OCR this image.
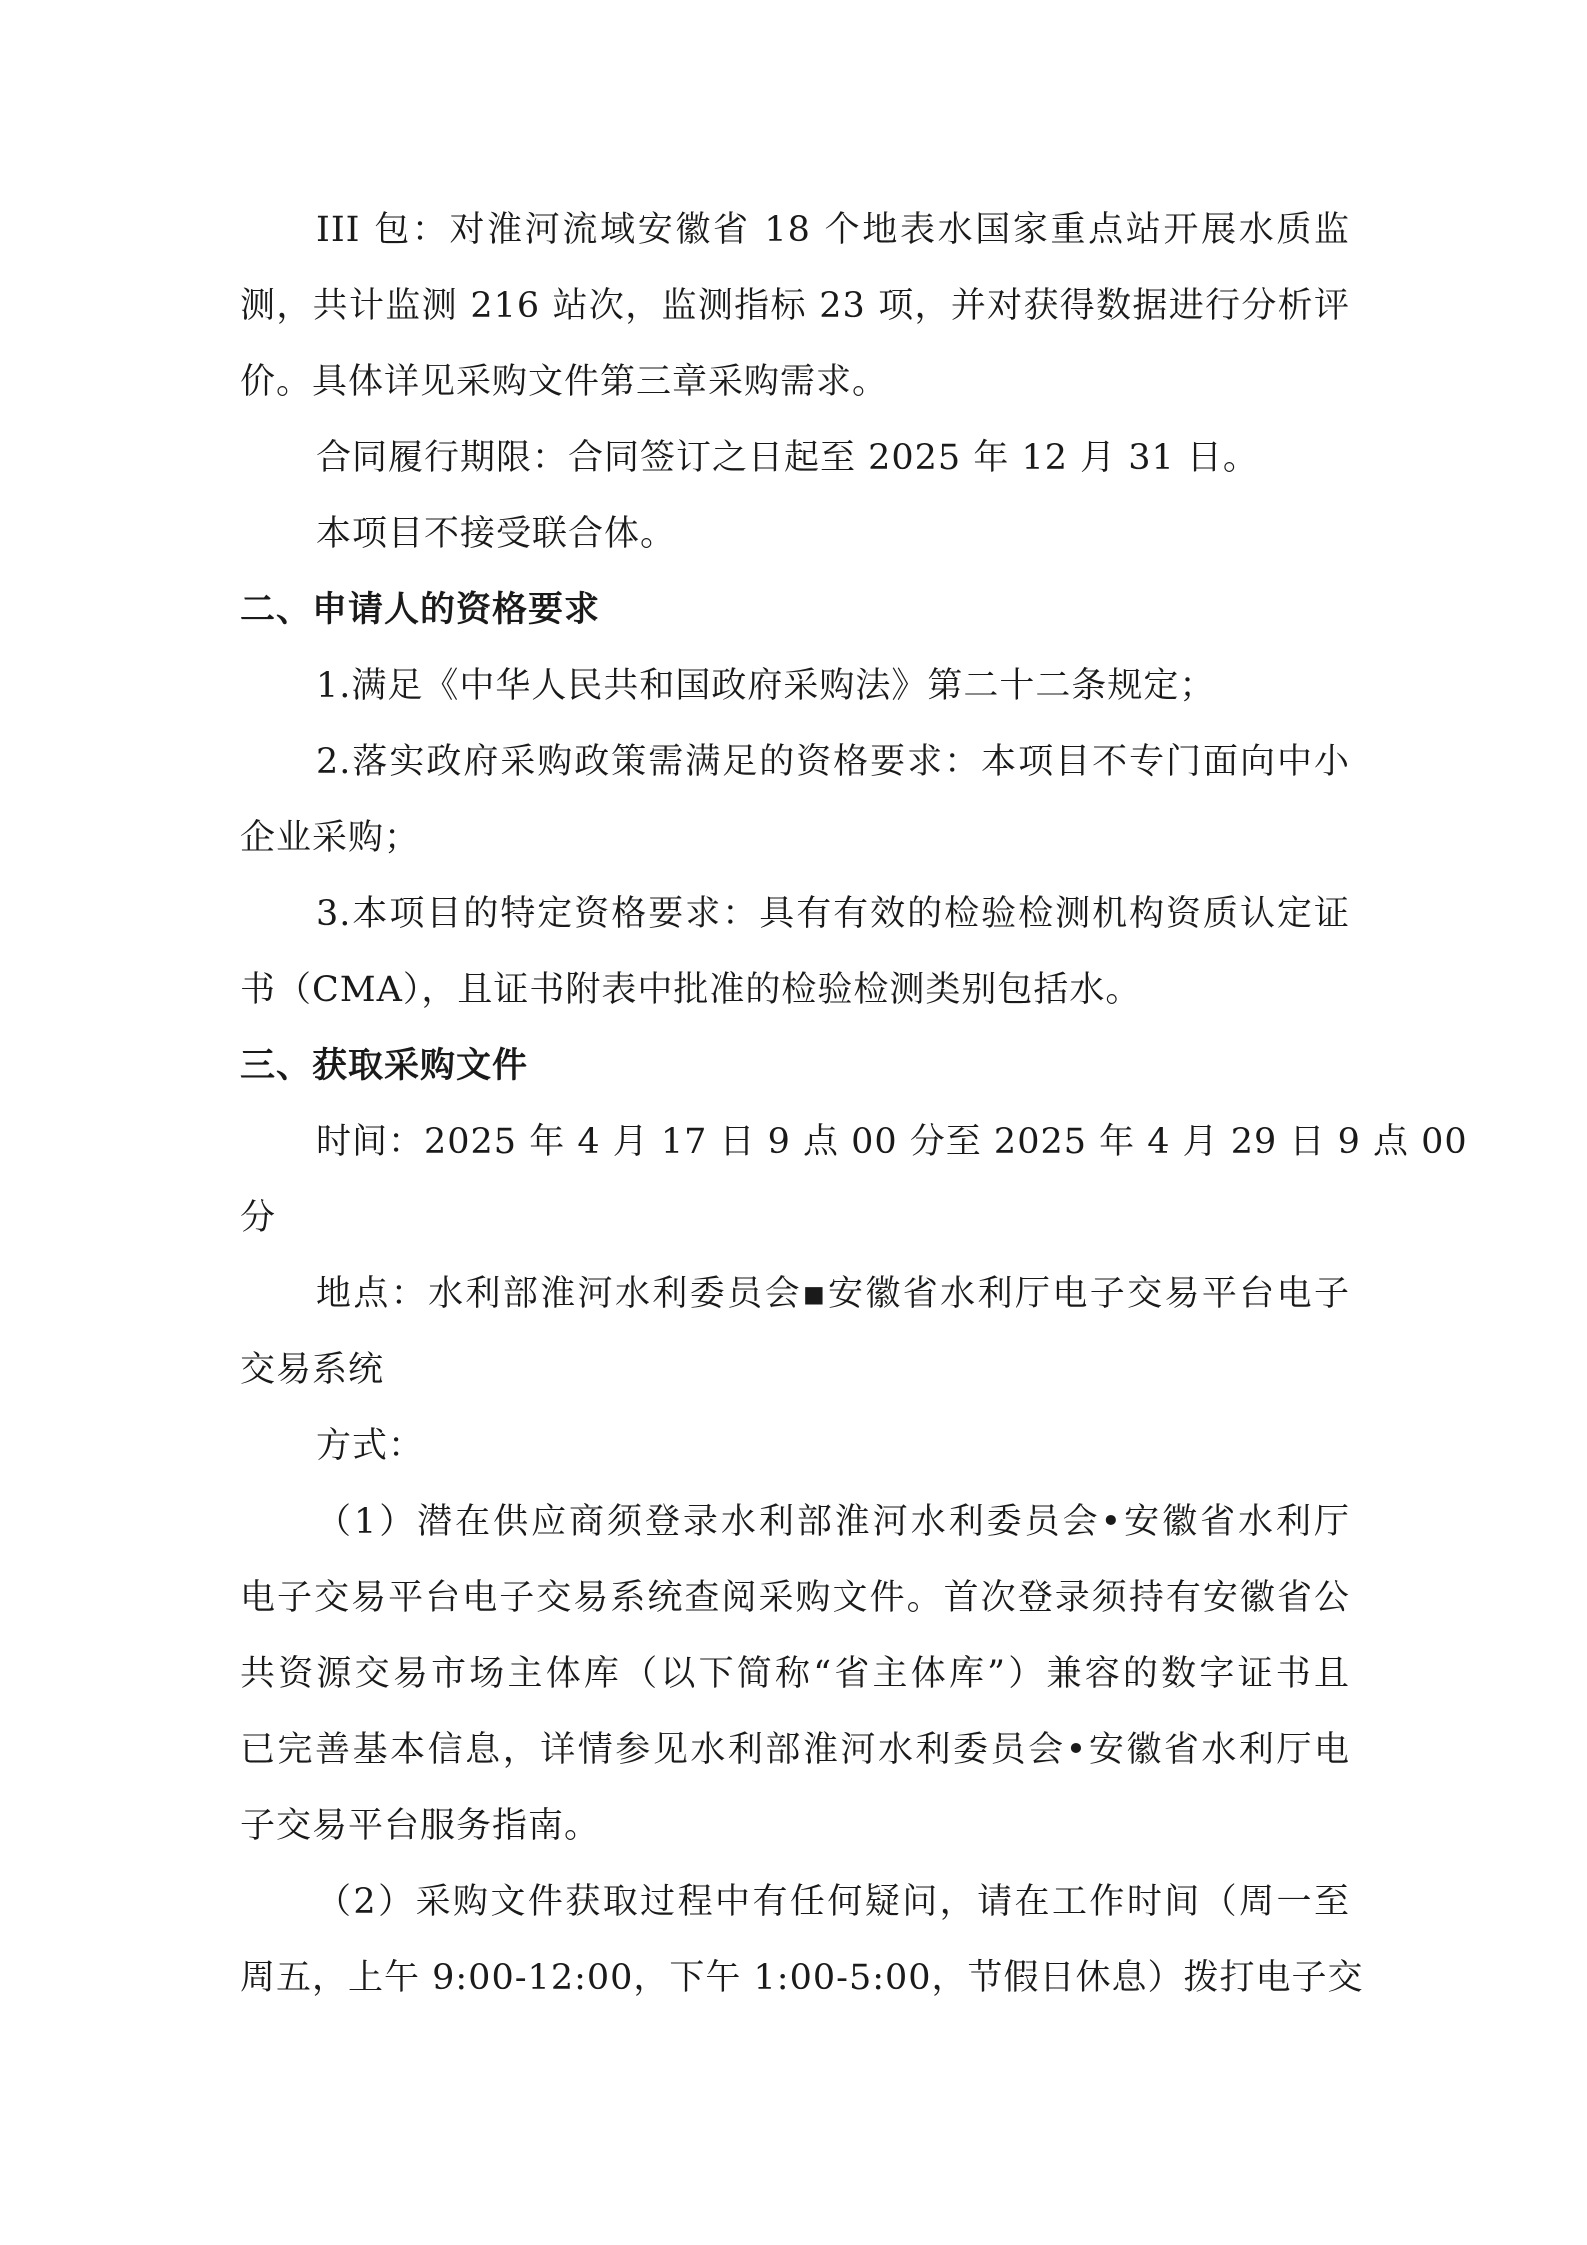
III 包：对淮河流域安徽省 18 个地表水国家重点站开展水质监
测，共计监测 216 站次，监测指标 23 项，并对获得数据进行分析评
价。具体详见采购文件第三章采购需求。
合同履行期限：合同签订之日起至 2025 年 12 月 31 日。
本项目不接受联合体。
二、申请人的资格要求
1.满足《中华人民共和国政府采购法》第二十二条规定；
2.落实政府采购政策需满足的资格要求：本项目不专门面向中小
企业采购；
3.本项目的特定资格要求：具有有效的检验检测机构资质认定证
书（CMA），且证书附表中批准的检验检测类别包括水。
三、获取采购文件
时间：2025 年 4 月 17 日 9 点 00 分至 2025 年 4 月 29 日 9 点 00
分
地点：水利部淮河水利委员会▪安徽省水利厅电子交易平台电子
交易系统
方式：
（1）潜在供应商须登录水利部淮河水利委员会•安徽省水利厅
电子交易平台电子交易系统查阅采购文件。首次登录须持有安徽省公
共资源交易市场主体库（以下简称“省主体库”）兼容的数字证书且
已完善基本信息，详情参见水利部淮河水利委员会•安徽省水利厅电
子交易平台服务指南。
（2）采购文件获取过程中有任何疑问，请在工作时间（周一至
周五，上午 9:00-12:00，下午 1:00-5:00，节假日休息）拨打电子交
